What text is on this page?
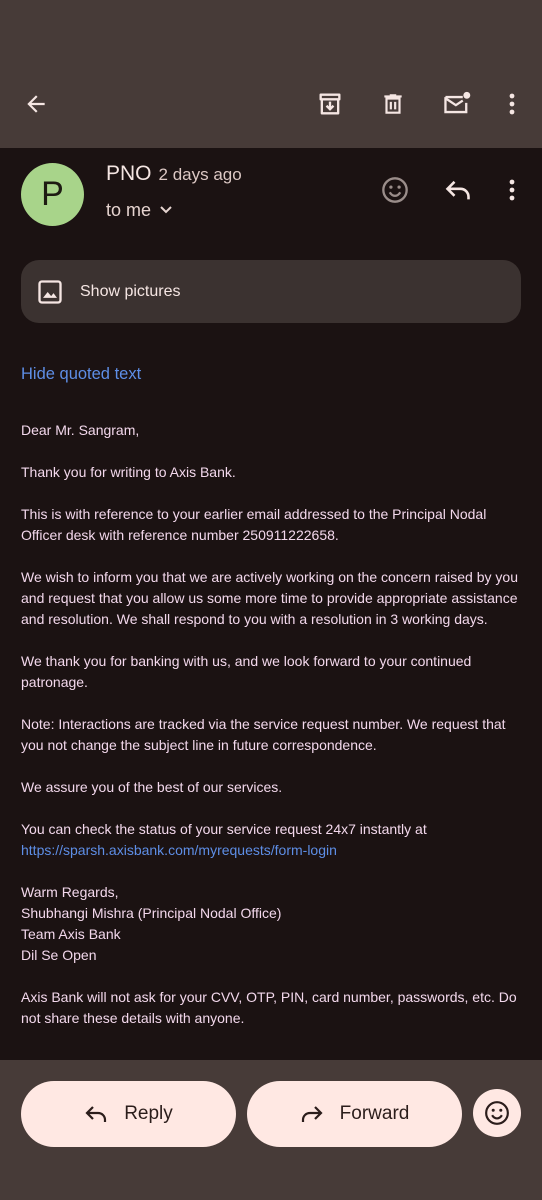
P
PNO 2 days ago
to me
Show pictures
Hide quoted text

Dear Mr. Sangram,

Thank you for writing to Axis Bank.

This is with reference to your earlier email addressed to the Principal Nodal Officer desk with reference number 250911222658.

We wish to inform you that we are actively working on the concern raised by you and request that you allow us some more time to provide appropriate assistance and resolution. We shall respond to you with a resolution in 3 working days.

We thank you for banking with us, and we look forward to your continued patronage.

Note: Interactions are tracked via the service request number. We request that you not change the subject line in future correspondence.

We assure you of the best of our services.

You can check the status of your service request 24x7 instantly at
https://sparsh.axisbank.com/myrequests/form-login

Warm Regards,
Shubhangi Mishra (Principal Nodal Office)
Team Axis Bank
Dil Se Open

Axis Bank will not ask for your CVV, OTP, PIN, card number, passwords, etc. Do not share these details with anyone.

Reply	Forward
